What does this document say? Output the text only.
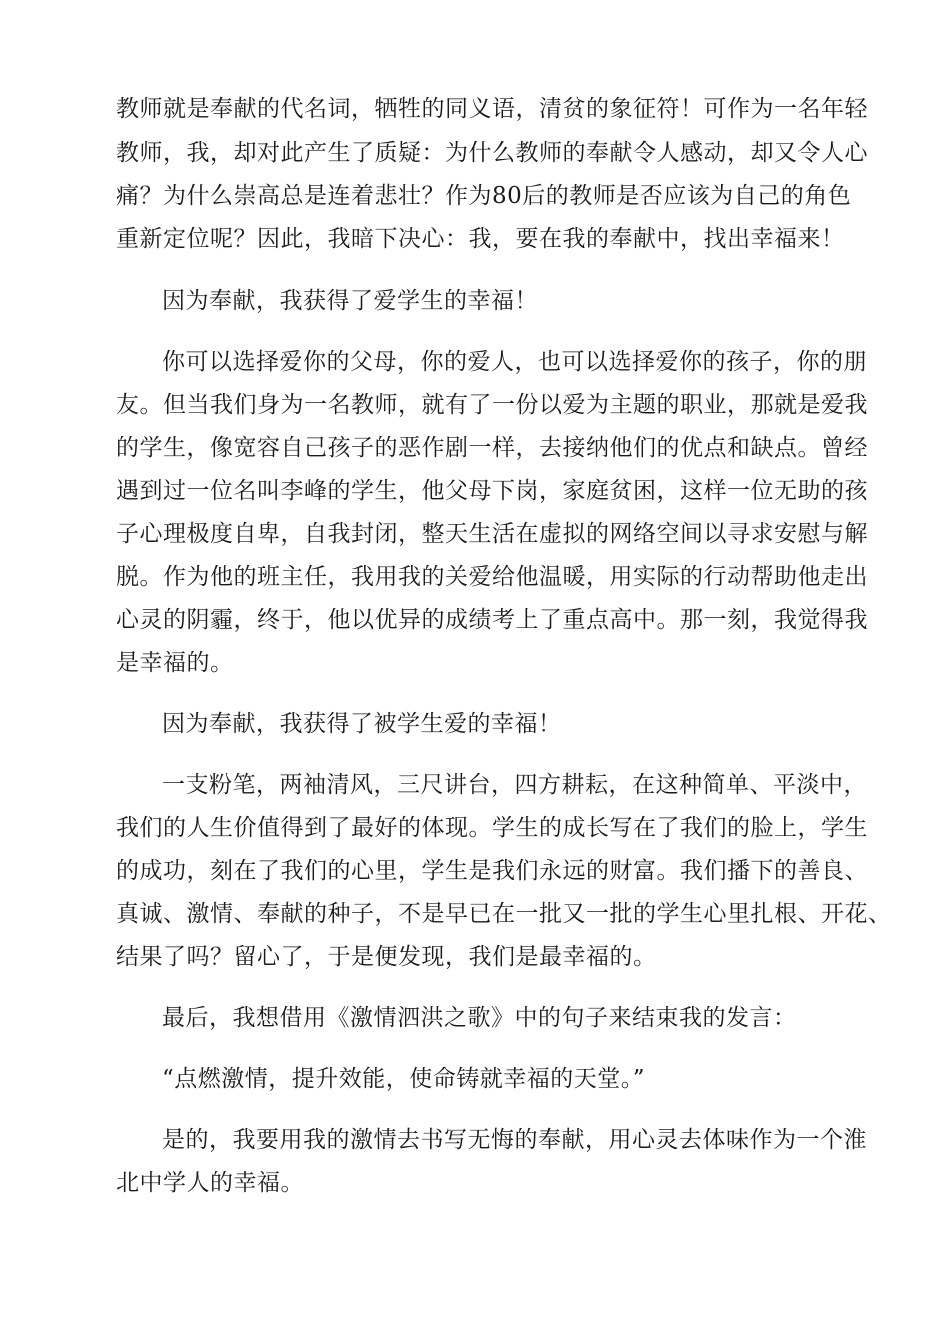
教师就是奉献的代名词，牺牲的同义语，清贫的象征符！可作为一名年轻
教师，我，却对此产生了质疑：为什么教师的奉献令人感动，却又令人心
痛？为什么崇高总是连着悲壮？作为80后的教师是否应该为自己的角色
重新定位呢？因此，我暗下决心：我，要在我的奉献中，找出幸福来！
因为奉献，我获得了爱学生的幸福！
你可以选择爱你的父母，你的爱人，也可以选择爱你的孩子，你的朋
友。但当我们身为一名教师，就有了一份以爱为主题的职业，那就是爱我
的学生，像宽容自己孩子的恶作剧一样，去接纳他们的优点和缺点。曾经
遇到过一位名叫李峰的学生，他父母下岗，家庭贫困，这样一位无助的孩
子心理极度自卑，自我封闭，整天生活在虚拟的网络空间以寻求安慰与解
脱。作为他的班主任，我用我的关爱给他温暖，用实际的行动帮助他走出
心灵的阴霾，终于，他以优异的成绩考上了重点高中。那一刻，我觉得我
是幸福的。
因为奉献，我获得了被学生爱的幸福！
一支粉笔，两袖清风，三尺讲台，四方耕耘，在这种简单、平淡中，
我们的人生价值得到了最好的体现。学生的成长写在了我们的脸上，学生
的成功，刻在了我们的心里，学生是我们永远的财富。我们播下的善良、
真诚、激情、奉献的种子，不是早已在一批又一批的学生心里扎根、开花、
结果了吗？留心了，于是便发现，我们是最幸福的。
最后，我想借用《激情泗洪之歌》中的句子来结束我的发言：
“点燃激情，提升效能，使命铸就幸福的天堂。”
是的，我要用我的激情去书写无悔的奉献，用心灵去体味作为一个淮
北中学人的幸福。
